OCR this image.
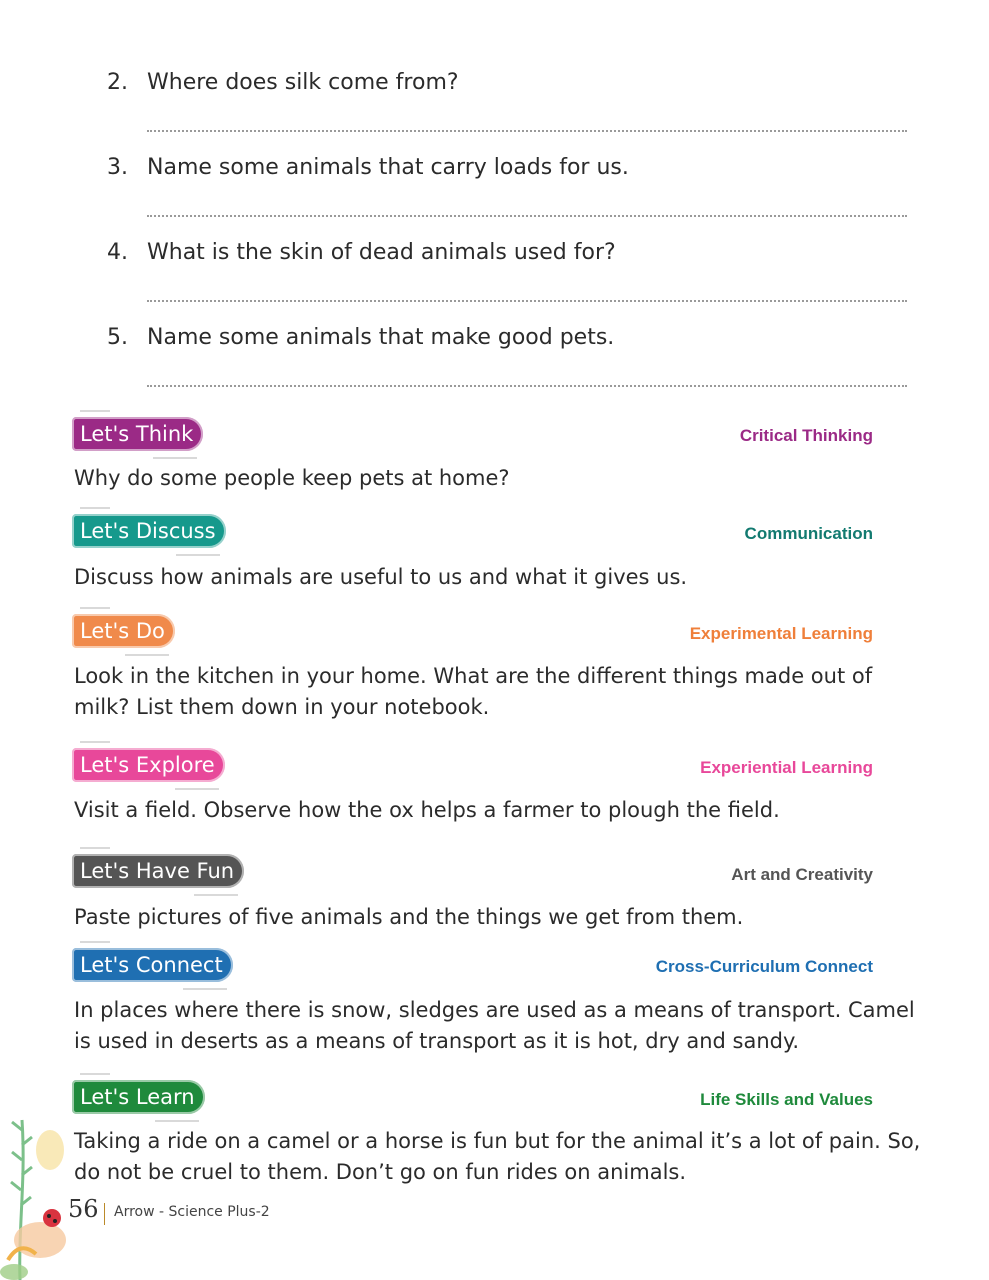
2. Where does silk come from?
3. Name some animals that carry loads for us.
4. What is the skin of dead animals used for?
5. Name some animals that make good pets.
Let's Think	Critical Thinking
Why do some people keep pets at home?
Let's Discuss	Communication
Discuss how animals are useful to us and what it gives us.
Let's Do	Experimental Learning
Look in the kitchen in your home. What are the different things made out of milk? List them down in your notebook.
Let's Explore	Experiential Learning
Visit a field. Observe how the ox helps a farmer to plough the field.
Let's Have Fun	Art and Creativity
Paste pictures of five animals and the things we get from them.
Let's Connect	Cross-Curriculum Connect
In places where there is snow, sledges are used as a means of transport. Camel is used in deserts as a means of transport as it is hot, dry and sandy.
Let's Learn	Life Skills and Values
Taking a ride on a camel or a horse is fun but for the animal it’s a lot of pain. So, do not be cruel to them. Don’t go on fun rides on animals.
56 Arrow - Science Plus-2
